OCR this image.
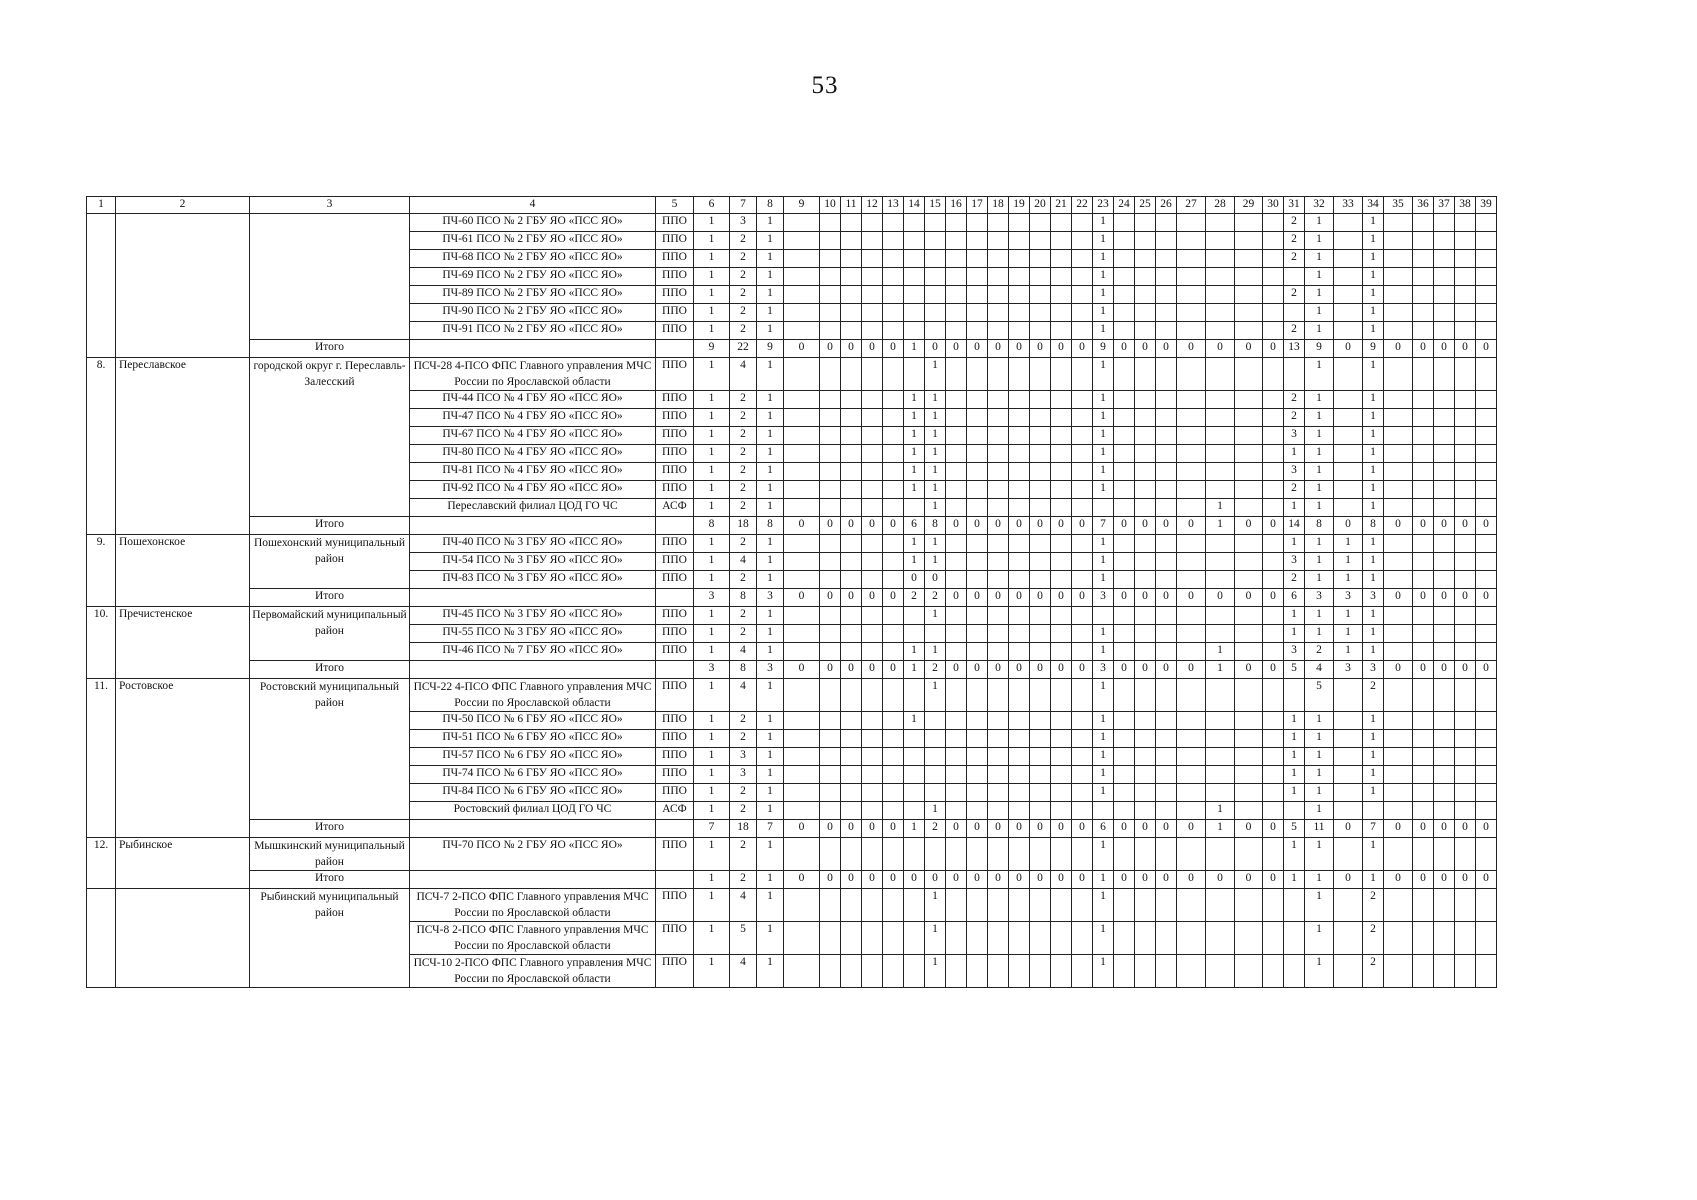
53
1	2	3	4	5	6	7	8	9	10	11	12	13	14	15	16	17	18	19	20	21	22	23	24	25	26	27	28	29	30	31	32	33	34	35	36	37	38	39
			ПЧ-60 ПСО № 2 ГБУ ЯО «ПСС ЯО»	ППО	1	3	1															1								2	1		1					
			ПЧ-61 ПСО № 2 ГБУ ЯО «ПСС ЯО»	ППО	1	2	1															1								2	1		1					
			ПЧ-68 ПСО № 2 ГБУ ЯО «ПСС ЯО»	ППО	1	2	1															1								2	1		1					
			ПЧ-69 ПСО № 2 ГБУ ЯО «ПСС ЯО»	ППО	1	2	1															1									1		1					
			ПЧ-89 ПСО № 2 ГБУ ЯО «ПСС ЯО»	ППО	1	2	1															1								2	1		1					
			ПЧ-90 ПСО № 2 ГБУ ЯО «ПСС ЯО»	ППО	1	2	1															1									1		1					
			ПЧ-91 ПСО № 2 ГБУ ЯО «ПСС ЯО»	ППО	1	2	1															1								2	1		1					
		Итого			9	22	9	0	0	0	0	0	1	0	0	0	0	0	0	0	0	9	0	0	0	0	0	0	0	13	9	0	9	0	0	0	0	0
8.	Переславское	городской округ г. Переславль-Залесский	ПСЧ-28 4-ПСО ФПС Главного управления МЧС России по Ярославской области	ППО	1	4	1							1								1									1		1					
			ПЧ-44 ПСО № 4 ГБУ ЯО «ПСС ЯО»	ППО	1	2	1						1	1								1								2	1		1					
			ПЧ-47 ПСО № 4 ГБУ ЯО «ПСС ЯО»	ППО	1	2	1						1	1								1								2	1		1					
			ПЧ-67 ПСО № 4 ГБУ ЯО «ПСС ЯО»	ППО	1	2	1						1	1								1								3	1		1					
			ПЧ-80 ПСО № 4 ГБУ ЯО «ПСС ЯО»	ППО	1	2	1						1	1								1								1	1		1					
			ПЧ-81 ПСО № 4 ГБУ ЯО «ПСС ЯО»	ППО	1	2	1						1	1								1								3	1		1					
			ПЧ-92 ПСО № 4 ГБУ ЯО «ПСС ЯО»	ППО	1	2	1						1	1								1								2	1		1					
			Переславский филиал ЦОД ГО ЧС	АСФ	1	2	1							1													1			1	1		1					
		Итого			8	18	8	0	0	0	0	0	6	8	0	0	0	0	0	0	0	7	0	0	0	0	1	0	0	14	8	0	8	0	0	0	0	0
9.	Пошехонское	Пошехонский муниципальный район	ПЧ-40 ПСО № 3 ГБУ ЯО «ПСС ЯО»	ППО	1	2	1						1	1								1								1	1	1	1					
			ПЧ-54 ПСО № 3 ГБУ ЯО «ПСС ЯО»	ППО	1	4	1						1	1								1								3	1	1	1					
			ПЧ-83 ПСО № 3 ГБУ ЯО «ПСС ЯО»	ППО	1	2	1						0	0								1								2	1	1	1					
		Итого			3	8	3	0	0	0	0	0	2	2	0	0	0	0	0	0	0	3	0	0	0	0	0	0	0	6	3	3	3	0	0	0	0	0
10.	Пречистенское	Первомайский муниципальный район	ПЧ-45 ПСО № 3 ГБУ ЯО «ПСС ЯО»	ППО	1	2	1							1																1	1	1	1					
			ПЧ-55 ПСО № 3 ГБУ ЯО «ПСС ЯО»	ППО	1	2	1															1								1	1	1	1					
			ПЧ-46 ПСО № 7 ГБУ ЯО «ПСС ЯО»	ППО	1	4	1						1	1								1					1			3	2	1	1					
		Итого			3	8	3	0	0	0	0	0	1	2	0	0	0	0	0	0	0	3	0	0	0	0	1	0	0	5	4	3	3	0	0	0	0	0
11.	Ростовское	Ростовский муниципальный район	ПСЧ-22 4-ПСО ФПС Главного управления МЧС России по Ярославской области	ППО	1	4	1							1								1									5		2					
			ПЧ-50 ПСО № 6 ГБУ ЯО «ПСС ЯО»	ППО	1	2	1						1									1								1	1		1					
			ПЧ-51 ПСО № 6 ГБУ ЯО «ПСС ЯО»	ППО	1	2	1															1								1	1		1					
			ПЧ-57 ПСО № 6 ГБУ ЯО «ПСС ЯО»	ППО	1	3	1															1								1	1		1					
			ПЧ-74 ПСО № 6 ГБУ ЯО «ПСС ЯО»	ППО	1	3	1															1								1	1		1					
			ПЧ-84 ПСО № 6 ГБУ ЯО «ПСС ЯО»	ППО	1	2	1															1								1	1		1					
			Ростовский филиал ЦОД ГО ЧС	АСФ	1	2	1							1													1				1							
		Итого			7	18	7	0	0	0	0	0	1	2	0	0	0	0	0	0	0	6	0	0	0	0	1	0	0	5	11	0	7	0	0	0	0	0
12.	Рыбинское	Мышкинский муниципальный район	ПЧ-70 ПСО № 2 ГБУ ЯО «ПСС ЯО»	ППО	1	2	1															1								1	1		1					
		Итого			1	2	1	0	0	0	0	0	0	0	0	0	0	0	0	0	0	1	0	0	0	0	0	0	0	1	1	0	1	0	0	0	0	0
		Рыбинский муниципальный район	ПСЧ-7 2-ПСО ФПС Главного управления МЧС России по Ярославской области	ППО	1	4	1							1								1									1		2					
			ПСЧ-8 2-ПСО ФПС Главного управления МЧС России по Ярославской области	ППО	1	5	1							1								1									1		2					
			ПСЧ-10 2-ПСО ФПС Главного управления МЧС России по Ярославской области	ППО	1	4	1							1								1									1		2					
